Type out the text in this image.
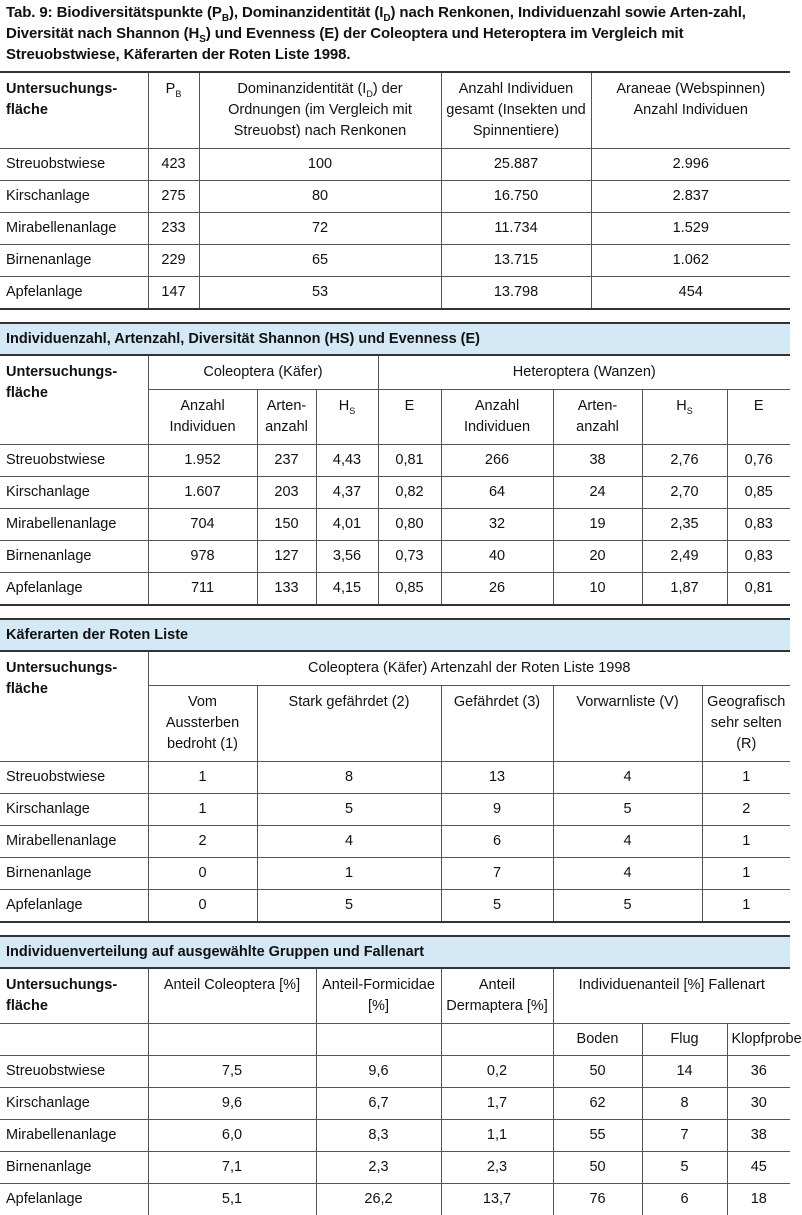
Tab. 9: Biodiversitätspunkte $(P_B)$, Dominanzidentität $(I_D)$ nach Renkonen, Individuenzahl sowie Arten-zahl, Diversität nach Shannon $(H_S)$ und Evenness (E) der Coleoptera und Heteroptera im Vergleich mit Streuobstwiese, Käferarten der Roten Liste 1998.
Untersuchungs-fläche	$P_B$	Dominanzidentität $(I_D)$ der Ordnungen (im Vergleich mit Streuobst) nach Renkonen				Anzahl Individuen gesamt (Insekten und Spinnentiere)		Araneae (Webspinnen) Anzahl Individuen			
Streuobstwiese	423	100				25.887		2.996			
Kirschanlage	275	80				16.750		2.837			
Mirabellenanlage	233	72				11.734		1.529			
Birnenanlage	229	65				13.715		1.062			
Apfelanlage	147	53				13.798		454			

Individuenzahl, Artenzahl, Diversität Shannon (HS) und Evenness (E)											
Untersuchungs-fläche	Coleoptera (Käfer)				Heteroptera (Wanzen)						
	Anzahl Individuen		Arten-anzahl	$H_S$	E	Anzahl Individuen	Arten-anzahl		$H_S$		E
Streuobstwiese	1.952		237	4,43	0,81	266	38		2,76		0,76
Kirschanlage	1.607		203	4,37	0,82	64	24		2,70		0,85
Mirabellenanlage	704		150	4,01	0,80	32	19		2,35		0,83
Birnenanlage	978		127	3,56	0,73	40	20		2,49		0,83
Apfelanlage	711		133	4,15	0,85	26	10		1,87		0,81

Käferarten der Roten Liste											
Untersuchungs-fläche	Coleoptera (Käfer) Artenzahl der Roten Liste 1998										
	Vom Aussterben bedroht (1)		Stark gefährdet (2)			Gefährdet (3)	Vorwarnliste (V)			Geografisch sehr selten (R)	
Streuobstwiese	1		8			13	4			1	
Kirschanlage	1		5			9	5			2	
Mirabellenanlage	2		4			6	4			1	
Birnenanlage	0		1			7	4			1	
Apfelanlage	0		5			5	5			1	

Individuenverteilung auf ausgewählte Gruppen und Fallenart											
Untersuchungs-fläche	Anteil Coleoptera [%]			Anteil-Formicidae [%]		Anteil Dermaptera [%]	Individuenanteil [%] Fallenart				
							Boden		Flug		Klopfprobe
Streuobstwiese	7,5			9,6		0,2	50		14		36
Kirschanlage	9,6			6,7		1,7	62		8		30
Mirabellenanlage	6,0			8,3		1,1	55		7		38
Birnenanlage	7,1			2,3		2,3	50		5		45
Apfelanlage	5,1			26,2		13,7	76		6		18
